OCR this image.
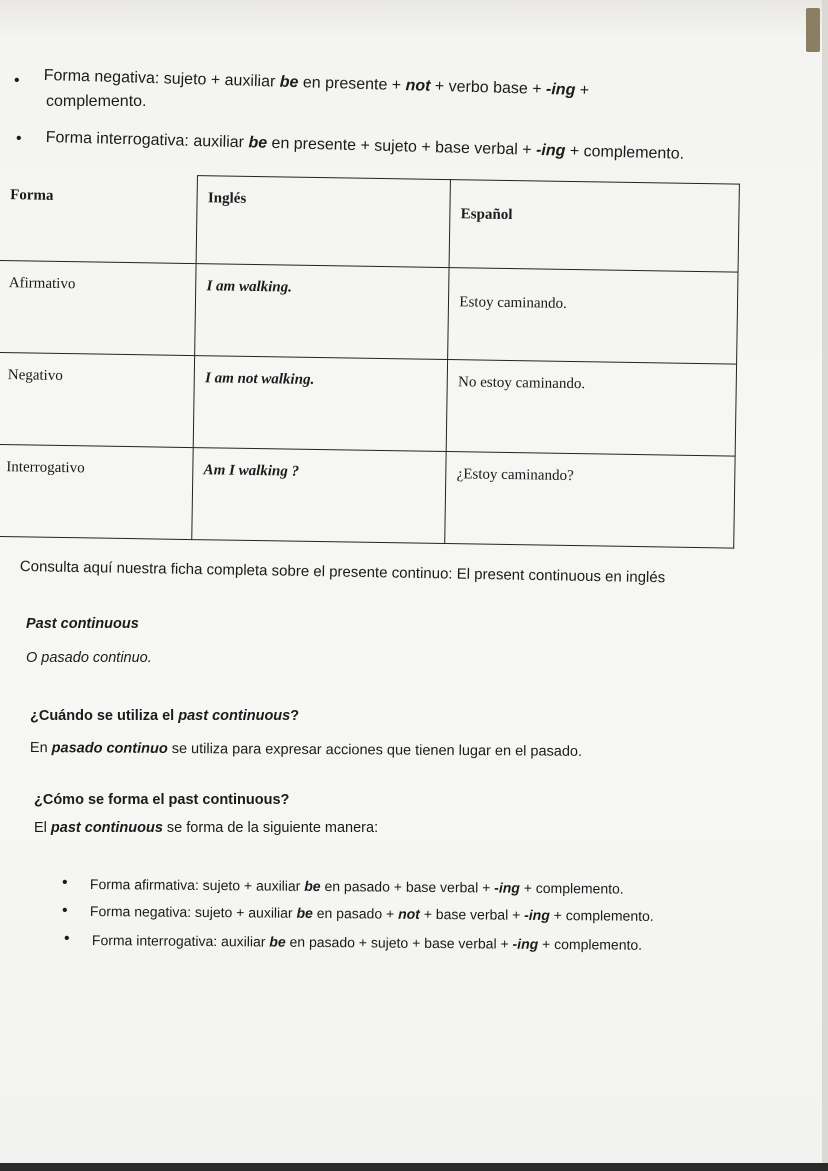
• Forma negativa: sujeto + auxiliar be en presente + not + verbo base + -ing +
complemento.
• Forma interrogativa: auxiliar be en presente + sujeto + base verbal + -ing + complemento.
Forma	Inglés	Español
Afirmativo	I am walking.	Estoy caminando.
Negativo	I am not walking.	No estoy caminando.
Interrogativo	Am I walking ?	¿Estoy caminando?
Consulta aquí nuestra ficha completa sobre el presente continuo: El present continuous en inglés
Past continuous
O pasado continuo.
¿Cuándo se utiliza el past continuous?
En pasado continuo se utiliza para expresar acciones que tienen lugar en el pasado.
¿Cómo se forma el past continuous?
El past continuous se forma de la siguiente manera:
• Forma afirmativa: sujeto + auxiliar be en pasado + base verbal + -ing + complemento.
• Forma negativa: sujeto + auxiliar be en pasado + not + base verbal + -ing + complemento.
• Forma interrogativa: auxiliar be en pasado + sujeto + base verbal + -ing + complemento.
